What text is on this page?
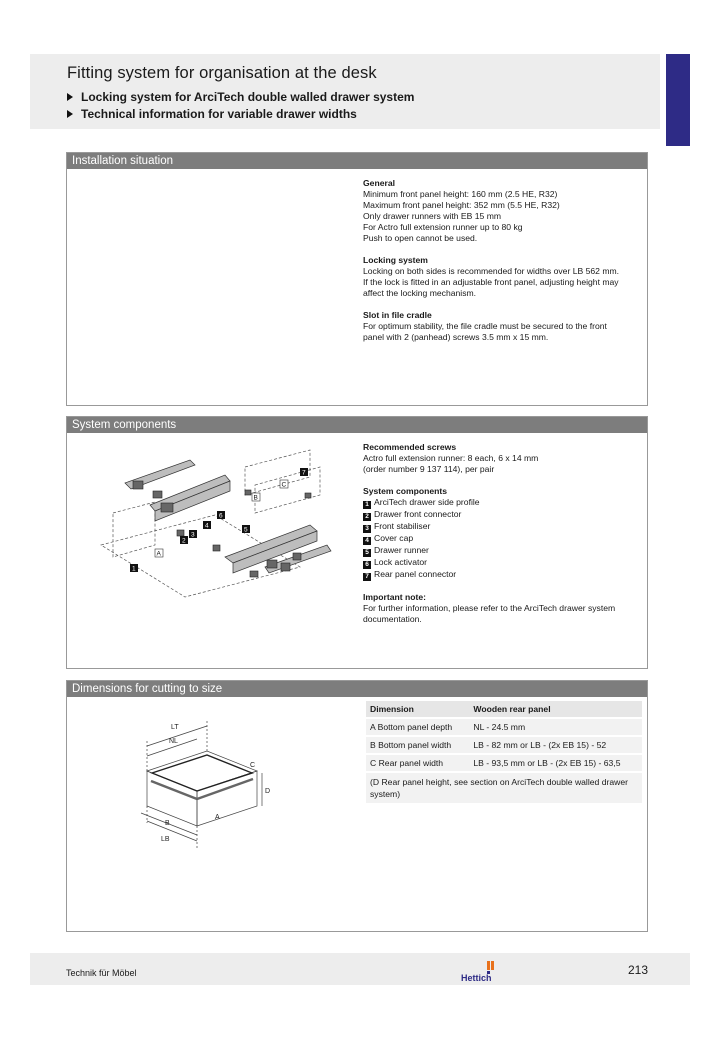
Fitting system for organisation at the desk
Locking system for ArciTech double walled drawer system
Technical information for variable drawer widths
Installation situation

General

Minimum front panel height: 160 mm (2.5 HE, R32)

Maximum front panel height: 352 mm (5.5 HE, R32)

Only drawer runners with EB 15 mm

For Actro full extension runner up to 80 kg

Push to open cannot be used.

Locking system

Locking on both sides is recommended for widths over LB 562 mm.

If the lock is fitted in an adjustable front panel, adjusting height may

affect the locking mechanism.

Slot in file cradle

For optimum stability, the file cradle must be secured to the front

panel with 2 (panhead) screws 3.5 mm x 15 mm.

System components
1
2
3
4
5
6
7
A
B
C

Recommended screws

Actro full extension runner: 8 each, 6 x 14 mm

(order number 9 137 114), per pair

System components

1 ArciTech drawer side profile

2 Drawer front connector

3 Front stabiliser

4 Cover cap

5 Drawer runner

6 Lock activator

7 Rear panel connector

Important note:

For further information, please refer to the ArciTech drawer system

documentation.

Dimensions for cutting to size
LT
NL
B
LB
A
D
C
Dimension	Wooden rear panel
A Bottom panel depth	NL - 24.5 mm
B Bottom panel width	LB - 82 mm or LB - (2x EB 15) - 52
C Rear panel width	LB - 93,5 mm or LB - (2x EB 15) - 63,5
(D Rear panel height, see section on ArciTech double walled drawer system)	
Technik für Möbel	Hettich
213
